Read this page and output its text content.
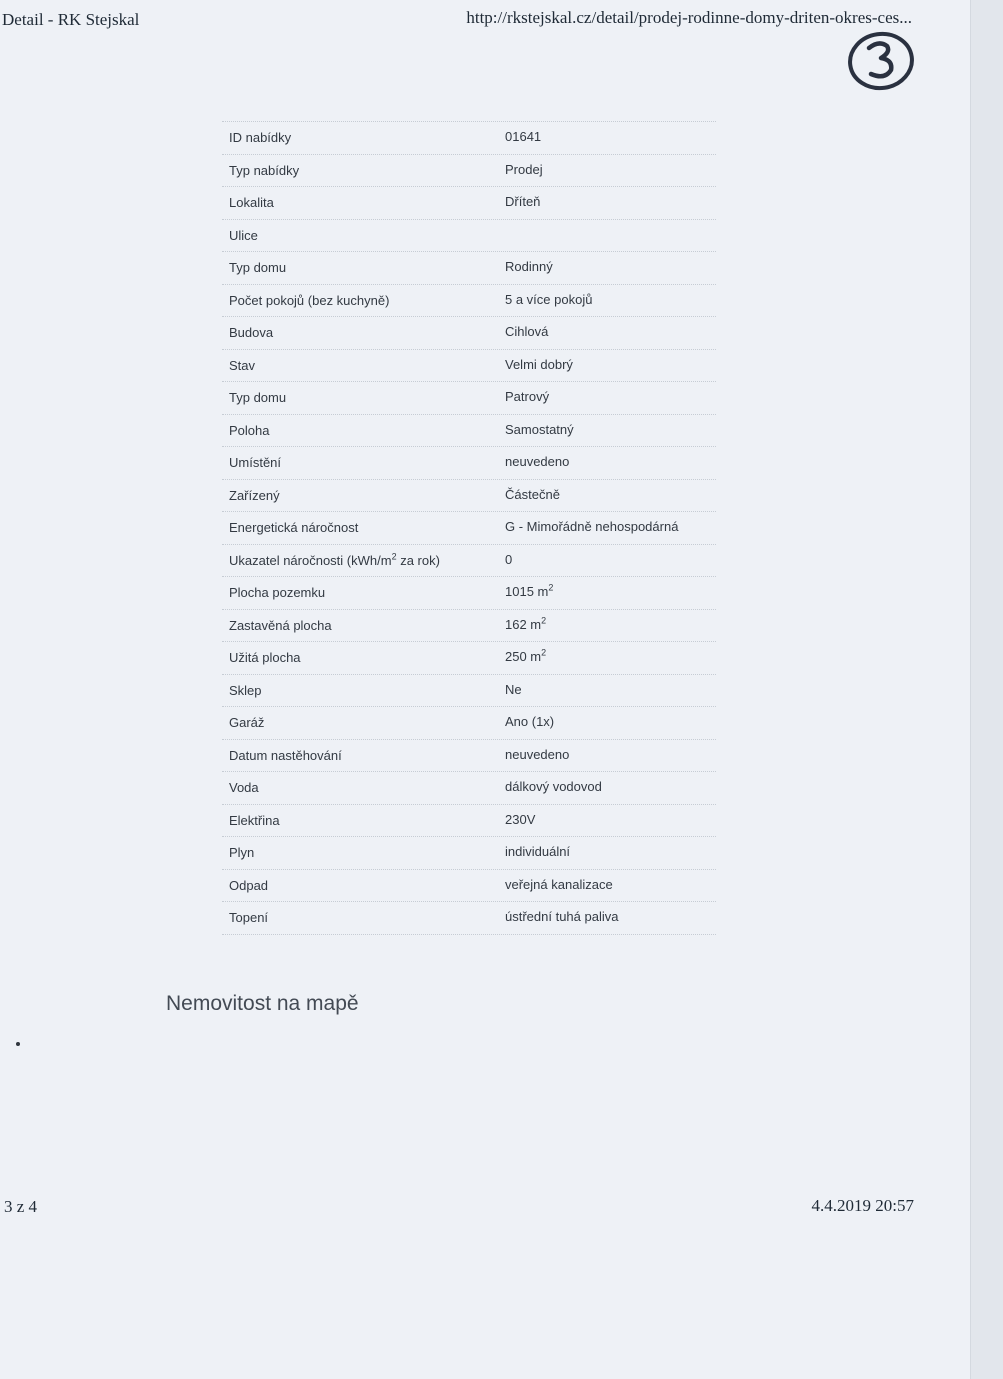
Detail - RK Stejskal	http://rkstejskal.cz/detail/prodej-rodinne-domy-driten-okres-ces...
ID nabídky	01641
Typ nabídky	Prodej
Lokalita	Dříteň
Ulice
Typ domu	Rodinný
Počet pokojů (bez kuchyně)	5 a více pokojů
Budova	Cihlová
Stav	Velmi dobrý
Typ domu	Patrový
Poloha	Samostatný
Umístění	neuvedeno
Zařízený	Částečně
Energetická náročnost	G - Mimořádně nehospodárná
Ukazatel náročnosti ($kWh/m^2$ za rok)	0
Plocha pozemku	1015 $m^2$
Zastavěná plocha	162 $m^2$
Užitá plocha	250 $m^2$
Sklep	Ne
Garáž	Ano (1x)
Datum nastěhování	neuvedeno
Voda	dálkový vodovod
Elektřina	230V
Plyn	individuální
Odpad	veřejná kanalizace
Topení	ústřední tuhá paliva
Nemovitost na mapě
3 z 4	4.4.2019 20:57
